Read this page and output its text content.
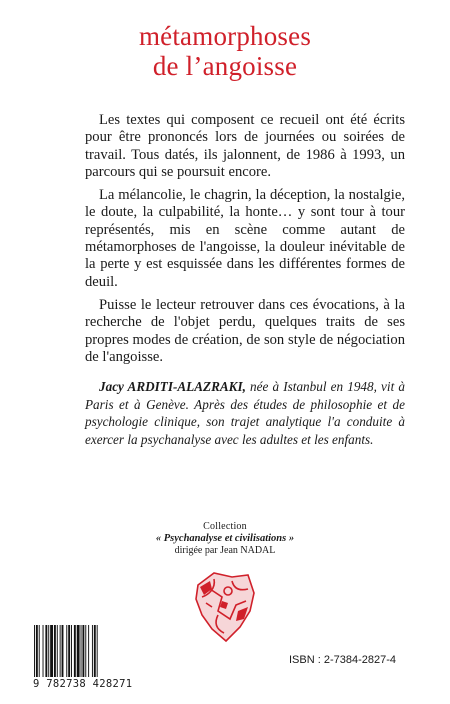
métamorphoses
de l’angoisse

Les textes qui composent ce recueil ont été écrits pour être prononcés lors de journées ou soirées de travail. Tous datés, ils jalonnent, de 1986 à 1993, un parcours qui se poursuit encore.

La mélancolie, le chagrin, la déception, la nostalgie, le doute, la culpabilité, la honte… y sont tour à tour représentés, mis en scène comme autant de métamorphoses de l'angoisse, la douleur inévitable de la perte y est esquissée dans les différentes formes de deuil.

Puisse le lecteur retrouver dans ces évocations, à la recherche de l'objet perdu, quelques traits de ses propres modes de création, de son style de négociation de l'angoisse.

Jacy ARDITI-ALAZRAKI, née à Istanbul en 1948, vit à Paris et à Genève. Après des études de philosophie et de psychologie clinique, son trajet analytique l'a conduite à exercer la psychanalyse avec les adultes et les enfants.
Collection
« Psychanalyse et civilisations »
dirigée par Jean NADAL
9 782738 428271
ISBN : 2-7384-2827-4
